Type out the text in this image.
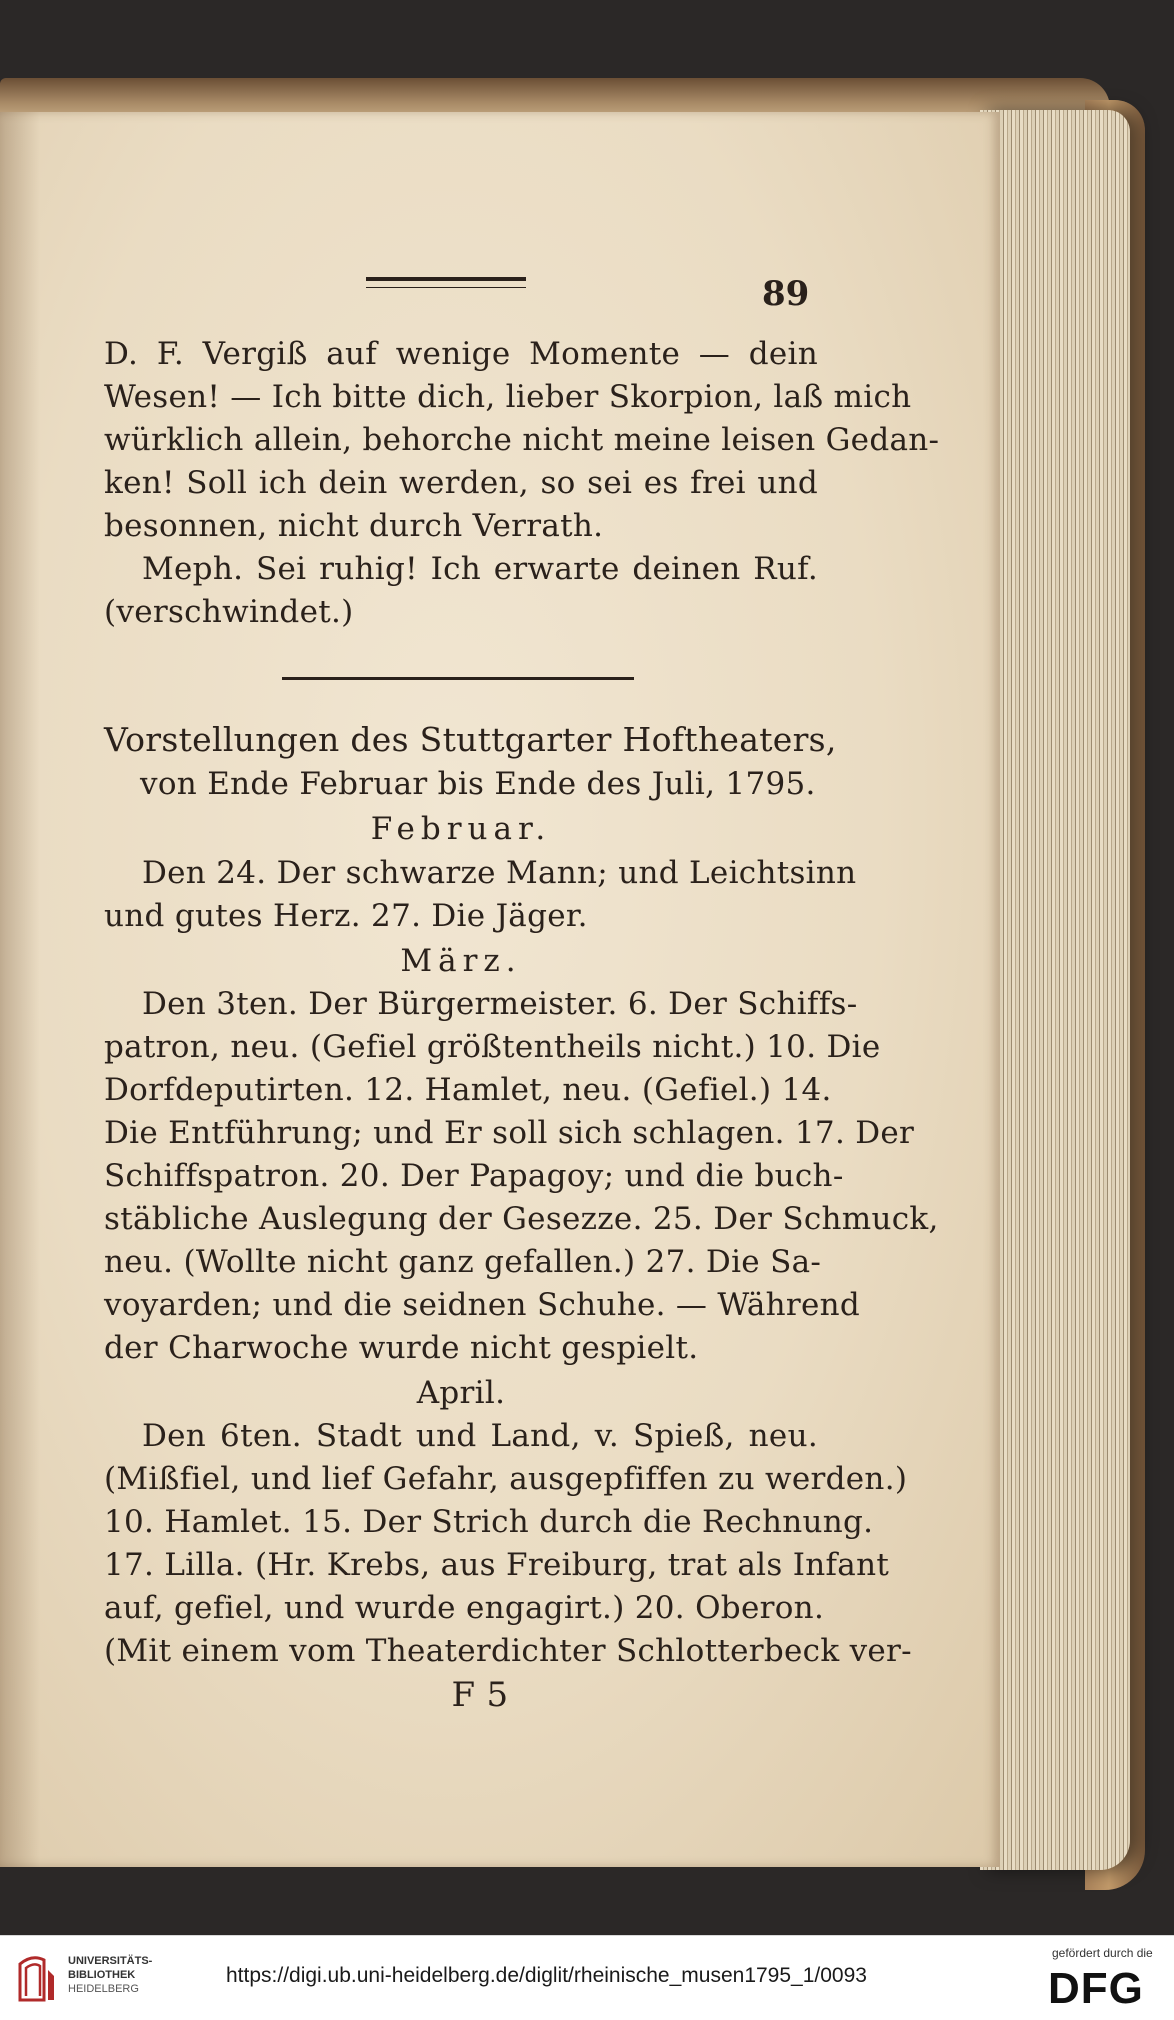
89
D. F. Vergiß auf wenige Momente — dein
Wesen! — Ich bitte dich, lieber Skorpion, laß mich
würklich allein, behorche nicht meine leisen Gedan-
ken! Soll ich dein werden, so sei es frei und
besonnen, nicht durch Verrath.
Meph. Sei ruhig! Ich erwarte deinen Ruf.
(verschwindet.)
Vorstellungen des Stuttgarter Hoftheaters,
von Ende Februar bis Ende des Juli, 1795.
Februar.
Den 24. Der schwarze Mann; und Leichtsinn
und gutes Herz. 27. Die Jäger.
März.
Den 3ten. Der Bürgermeister. 6. Der Schiffs-
patron, neu. (Gefiel größtentheils nicht.) 10. Die
Dorfdeputirten. 12. Hamlet, neu. (Gefiel.) 14.
Die Entführung; und Er soll sich schlagen. 17. Der
Schiffspatron. 20. Der Papagoy; und die buch-
stäbliche Auslegung der Gesezze. 25. Der Schmuck,
neu. (Wollte nicht ganz gefallen.) 27. Die Sa-
voyarden; und die seidnen Schuhe. — Während
der Charwoche wurde nicht gespielt.
April.
Den 6ten. Stadt und Land, v. Spieß, neu.
(Mißfiel, und lief Gefahr, ausgepfiffen zu werden.)
10. Hamlet. 15. Der Strich durch die Rechnung.
17. Lilla. (Hr. Krebs, aus Freiburg, trat als Infant
auf, gefiel, und wurde engagirt.) 20. Oberon.
(Mit einem vom Theaterdichter Schlotterbeck ver-
F 5
UNIVERSITÄTS-
BIBLIOTHEK
HEIDELBERG
https://digi.ub.uni-heidelberg.de/diglit/rheinische_musen1795_1/0093
gefördert durch die
DFG
